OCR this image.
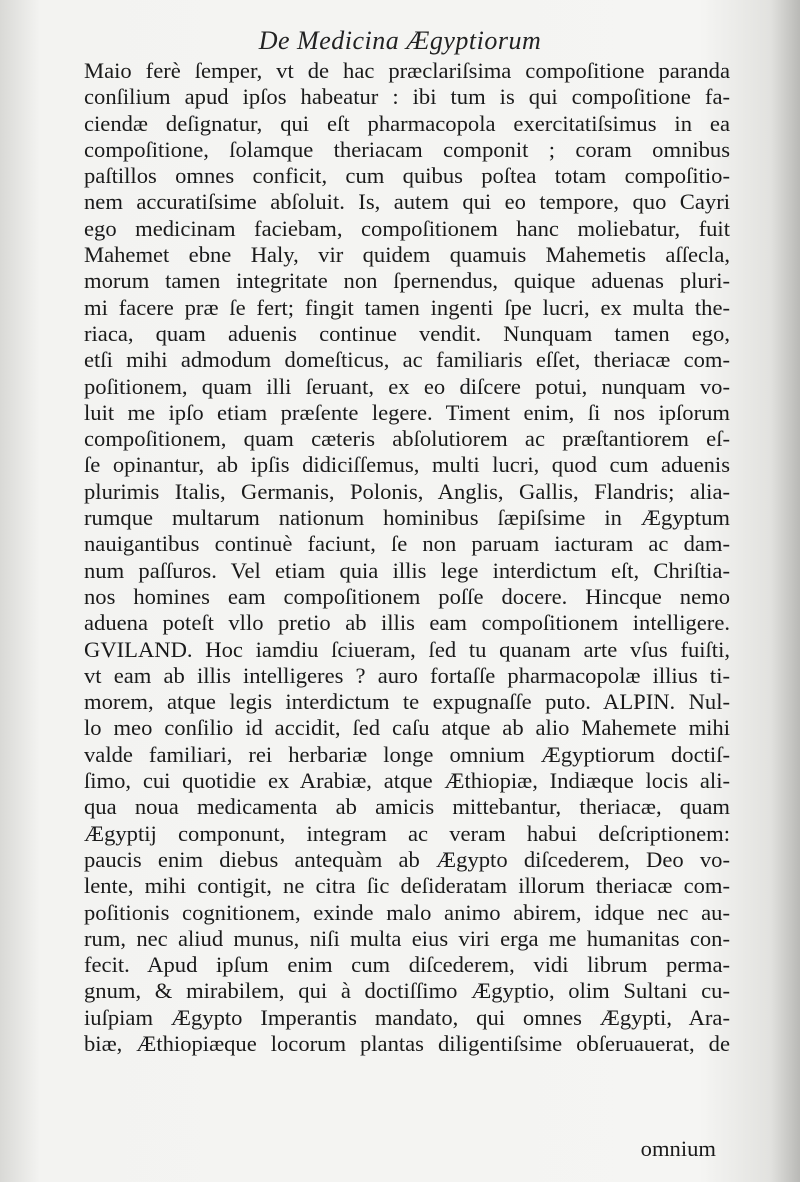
De Medicina Ægyptiorum
Maio ferè ſemper, vt de hac præclariſsima compoſitione paranda
conſilium apud ipſos habeatur : ibi tum is qui compoſitione fa-
ciendæ deſignatur, qui eſt pharmacopola exercitatiſsimus in ea
compoſitione, ſolamque theriacam componit ; coram omnibus
paſtillos omnes conficit, cum quibus poſtea totam compoſitio-
nem accuratiſsime abſoluit. Is, autem qui eo tempore, quo Cayri
ego medicinam faciebam, compoſitionem hanc moliebatur, fuit
Mahemet ebne Haly, vir quidem quamuis Mahemetis aſſecla,
morum tamen integritate non ſpernendus, quique aduenas pluri-
mi facere præ ſe fert; fingit tamen ingenti ſpe lucri, ex multa the-
riaca, quam aduenis continue vendit. Nunquam tamen ego,
etſi mihi admodum domeſticus, ac familiaris eſſet, theriacæ com-
poſitionem, quam illi ſeruant, ex eo diſcere potui, nunquam vo-
luit me ipſo etiam præſente legere. Timent enim, ſi nos ipſorum
compoſitionem, quam cæteris abſolutiorem ac præſtantiorem eſ-
ſe opinantur, ab ipſis didiciſſemus, multi lucri, quod cum aduenis
plurimis Italis, Germanis, Polonis, Anglis, Gallis, Flandris; alia-
rumque multarum nationum hominibus ſæpiſsime in Ægyptum
nauigantibus continuè faciunt, ſe non paruam iacturam ac dam-
num paſſuros. Vel etiam quia illis lege interdictum eſt, Chriſtia-
nos homines eam compoſitionem poſſe docere. Hincque nemo
aduena poteſt vllo pretio ab illis eam compoſitionem intelligere.
GVILAND. Hoc iamdiu ſciueram, ſed tu quanam arte vſus fuiſti,
vt eam ab illis intelligeres ? auro fortaſſe pharmacopolæ illius ti-
morem, atque legis interdictum te expugnaſſe puto. ALPIN. Nul-
lo meo conſilio id accidit, ſed caſu atque ab alio Mahemete mihi
valde familiari, rei herbariæ longe omnium Ægyptiorum doctiſ-
ſimo, cui quotidie ex Arabiæ, atque Æthiopiæ, Indiæque locis ali-
qua noua medicamenta ab amicis mittebantur, theriacæ, quam
Ægyptij componunt, integram ac veram habui deſcriptionem:
paucis enim diebus antequàm ab Ægypto diſcederem, Deo vo-
lente, mihi contigit, ne citra ſic deſideratam illorum theriacæ com-
poſitionis cognitionem, exinde malo animo abirem, idque nec au-
rum, nec aliud munus, niſi multa eius viri erga me humanitas con-
fecit. Apud ipſum enim cum diſcederem, vidi librum perma-
gnum, & mirabilem, qui à doctiſſimo Ægyptio, olim Sultani cu-
iuſpiam Ægypto Imperantis mandato, qui omnes Ægypti, Ara-
biæ, Æthiopiæque locorum plantas diligentiſsime obſeruauerat, de
omnium
